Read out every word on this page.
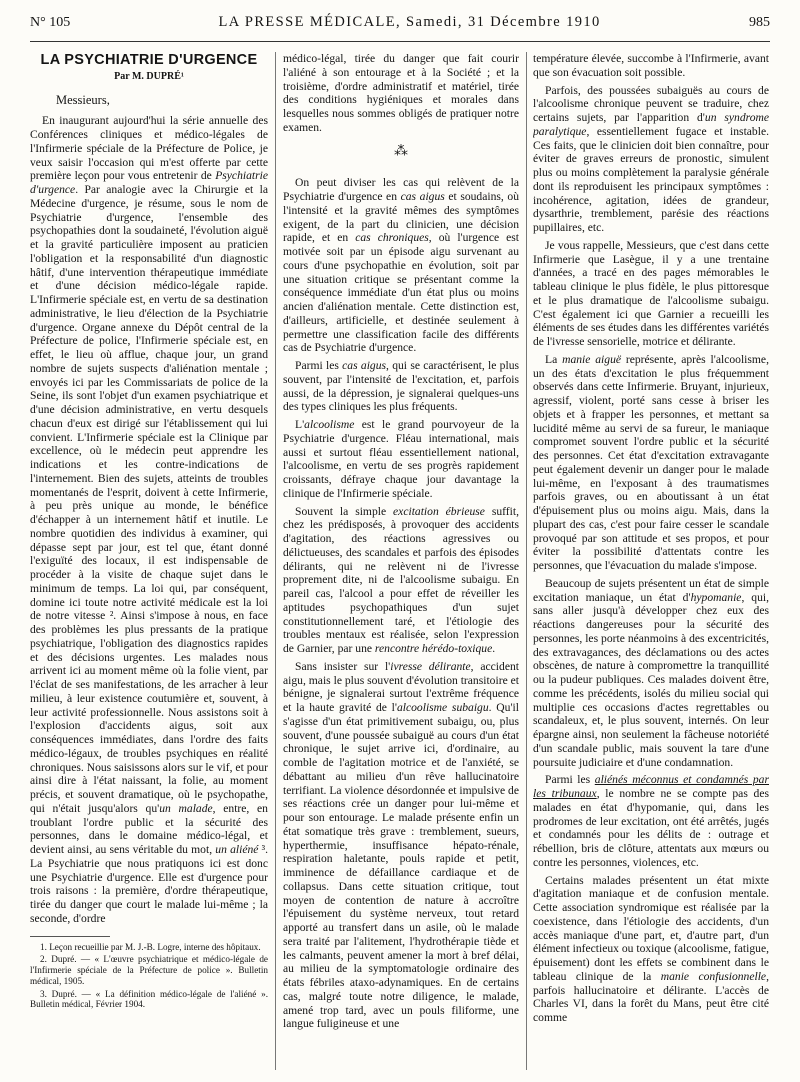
N° 105	LA PRESSE MÉDICALE, Samedi, 31 Décembre 1910	985
LA PSYCHIATRIE D'URGENCE
Par M. DUPRÉ¹

Messieurs,

En inaugurant aujourd'hui la série annuelle des Conférences cliniques et médico-légales de l'Infirmerie spéciale de la Préfecture de Police, je veux saisir l'occasion qui m'est offerte par cette première leçon pour vous entretenir de Psychiatrie d'urgence. Par analogie avec la Chirurgie et la Médecine d'urgence, je résume, sous le nom de Psychiatrie d'urgence, l'ensemble des psychopathies dont la soudaineté, l'évolution aiguë et la gravité particulière imposent au praticien l'obligation et la responsabilité d'un diagnostic hâtif, d'une intervention thérapeutique immédiate et d'une décision médico-légale rapide. L'Infirmerie spéciale est, en vertu de sa destination administrative, le lieu d'élection de la Psychiatrie d'urgence. Organe annexe du Dépôt central de la Préfecture de police, l'Infirmerie spéciale est, en effet, le lieu où afflue, chaque jour, un grand nombre de sujets suspects d'aliénation mentale ; envoyés ici par les Commissariats de police de la Seine, ils sont l'objet d'un examen psychiatrique et d'une décision administrative, en vertu desquels chacun d'eux est dirigé sur l'établissement qui lui convient. L'Infirmerie spéciale est la Clinique par excellence, où le médecin peut apprendre les indications et les contre-indications de l'internement. Bien des sujets, atteints de troubles momentanés de l'esprit, doivent à cette Infirmerie, à peu près unique au monde, le bénéfice d'échapper à un internement hâtif et inutile. Le nombre quotidien des individus à examiner, qui dépasse sept par jour, est tel que, étant donné l'exiguïté des locaux, il est indispensable de procéder à la visite de chaque sujet dans le minimum de temps. La loi qui, par conséquent, domine ici toute notre activité médicale est la loi de notre vitesse ². Ainsi s'impose à nous, en face des problèmes les plus pressants de la pratique psychiatrique, l'obligation des diagnostics rapides et des décisions urgentes. Les malades nous arrivent ici au moment même où la folie vient, par l'éclat de ses manifestations, de les arracher à leur milieu, à leur existence coutumière et, souvent, à leur activité professionnelle. Nous assistons soit à l'explosion d'accidents aigus, soit aux conséquences immédiates, dans l'ordre des faits médico-légaux, de troubles psychiques en réalité chroniques. Nous saisissons alors sur le vif, et pour ainsi dire à l'état naissant, la folie, au moment précis, et souvent dramatique, où le psychopathe, qui n'était jusqu'alors qu'un malade, entre, en troublant l'ordre public et la sécurité des personnes, dans le domaine médico-légal, et devient ainsi, au sens véritable du mot, un aliéné ³. La Psychiatrie que nous pratiquons ici est donc une Psychiatrie d'urgence. Elle est d'urgence pour trois raisons : la première, d'ordre thérapeutique, tirée du danger que court le malade lui-même ; la seconde, d'ordre

1. Leçon recueillie par M. J.-B. Logre, interne des hôpitaux.
2. Dupré. — « L'œuvre psychiatrique et médico-légale de l'Infirmerie spéciale de la Préfecture de police ». Bulletin médical, 1905.
3. Dupré. — « La définition médico-légale de l'aliéné ». Bulletin médical, Février 1904.

médico-légal, tirée du danger que fait courir l'aliéné à son entourage et à la Société ; et la troisième, d'ordre administratif et matériel, tirée des conditions hygiéniques et morales dans lesquelles nous sommes obligés de pratiquer notre examen.

⁂

On peut diviser les cas qui relèvent de la Psychiatrie d'urgence en cas aigus et soudains, où l'intensité et la gravité mêmes des symptômes exigent, de la part du clinicien, une décision rapide, et en cas chroniques, où l'urgence est motivée soit par un épisode aigu survenant au cours d'une psychopathie en évolution, soit par une situation critique se présentant comme la conséquence immédiate d'un état plus ou moins ancien d'aliénation mentale. Cette distinction est, d'ailleurs, artificielle, et destinée seulement à permettre une classification facile des différents cas de Psychiatrie d'urgence.

Parmi les cas aigus, qui se caractérisent, le plus souvent, par l'intensité de l'excitation, et, parfois aussi, de la dépression, je signalerai quelques-uns des types cliniques les plus fréquents.

L'alcoolisme est le grand pourvoyeur de la Psychiatrie d'urgence. Fléau international, mais aussi et surtout fléau essentiellement national, l'alcoolisme, en vertu de ses progrès rapidement croissants, défraye chaque jour davantage la clinique de l'Infirmerie spéciale.

Souvent la simple excitation ébrieuse suffit, chez les prédisposés, à provoquer des accidents d'agitation, des réactions agressives ou délictueuses, des scandales et parfois des épisodes délirants, qui ne relèvent ni de l'ivresse proprement dite, ni de l'alcoolisme subaigu. En pareil cas, l'alcool a pour effet de réveiller les aptitudes psychopathiques d'un sujet constitutionnellement taré, et l'étiologie des troubles mentaux est réalisée, selon l'expression de Garnier, par une rencontre hérédo-toxique.

Sans insister sur l'ivresse délirante, accident aigu, mais le plus souvent d'évolution transitoire et bénigne, je signalerai surtout l'extrême fréquence et la haute gravité de l'alcoolisme subaigu. Qu'il s'agisse d'un état primitivement subaigu, ou, plus souvent, d'une poussée subaiguë au cours d'un état chronique, le sujet arrive ici, d'ordinaire, au comble de l'agitation motrice et de l'anxiété, se débattant au milieu d'un rêve hallucinatoire terrifiant. La violence désordonnée et impulsive de ses réactions crée un danger pour lui-même et pour son entourage. Le malade présente enfin un état somatique très grave : tremblement, sueurs, hyperthermie, insuffisance hépato-rénale, respiration haletante, pouls rapide et petit, imminence de défaillance cardiaque et de collapsus. Dans cette situation critique, tout moyen de contention de nature à accroître l'épuisement du système nerveux, tout retard apporté au transfert dans un asile, où le malade sera traité par l'alitement, l'hydrothérapie tiède et les calmants, peuvent amener la mort à bref délai, au milieu de la symptomatologie ordinaire des états fébriles ataxo-adynamiques. En de certains cas, malgré toute notre diligence, le malade, amené trop tard, avec un pouls filiforme, une langue fuligineuse et une

température élevée, succombe à l'Infirmerie, avant que son évacuation soit possible.

Parfois, des poussées subaiguës au cours de l'alcoolisme chronique peuvent se traduire, chez certains sujets, par l'apparition d'un syndrome paralytique, essentiellement fugace et instable. Ces faits, que le clinicien doit bien connaître, pour éviter de graves erreurs de pronostic, simulent plus ou moins complètement la paralysie générale dont ils reproduisent les principaux symptômes : incohérence, agitation, idées de grandeur, dysarthrie, tremblement, parésie des réactions pupillaires, etc.

Je vous rappelle, Messieurs, que c'est dans cette Infirmerie que Lasègue, il y a une trentaine d'années, a tracé en des pages mémorables le tableau clinique le plus fidèle, le plus pittoresque et le plus dramatique de l'alcoolisme subaigu. C'est également ici que Garnier a recueilli les éléments de ses études dans les différentes variétés de l'ivresse sensorielle, motrice et délirante.

La manie aiguë représente, après l'alcoolisme, un des états d'excitation le plus fréquemment observés dans cette Infirmerie. Bruyant, injurieux, agressif, violent, porté sans cesse à briser les objets et à frapper les personnes, et mettant sa lucidité même au servi de sa fureur, le maniaque compromet souvent l'ordre public et la sécurité des personnes. Cet état d'excitation extravagante peut également devenir un danger pour le malade lui-même, en l'exposant à des traumatismes parfois graves, ou en aboutissant à un état d'épuisement plus ou moins aigu. Mais, dans la plupart des cas, c'est pour faire cesser le scandale provoqué par son attitude et ses propos, et pour éviter la possibilité d'attentats contre les personnes, que l'évacuation du malade s'impose.

Beaucoup de sujets présentent un état de simple excitation maniaque, un état d'hypomanie, qui, sans aller jusqu'à développer chez eux des réactions dangereuses pour la sécurité des personnes, les porte néanmoins à des excentricités, des extravagances, des déclamations ou des actes obscènes, de nature à compromettre la tranquillité ou la pudeur publiques. Ces malades doivent être, comme les précédents, isolés du milieu social qui multiplie ces occasions d'actes regrettables ou scandaleux, et, le plus souvent, internés. On leur épargne ainsi, non seulement la fâcheuse notoriété d'un scandale public, mais souvent la tare d'une poursuite judiciaire et d'une condamnation.

Parmi les aliénés méconnus et condamnés par les tribunaux, le nombre ne se compte pas des malades en état d'hypomanie, qui, dans les prodromes de leur excitation, ont été arrêtés, jugés et condamnés pour les délits de : outrage et rébellion, bris de clôture, attentats aux mœurs ou contre les personnes, violences, etc.

Certains malades présentent un état mixte d'agitation maniaque et de confusion mentale. Cette association syndromique est réalisée par la coexistence, dans l'étiologie des accidents, d'un accès maniaque d'une part, et, d'autre part, d'un élément infectieux ou toxique (alcoolisme, fatigue, épuisement) dont les effets se combinent dans le tableau clinique de la manie confusionnelle, parfois hallucinatoire et délirante. L'accès de Charles VI, dans la forêt du Mans, peut être cité comme
